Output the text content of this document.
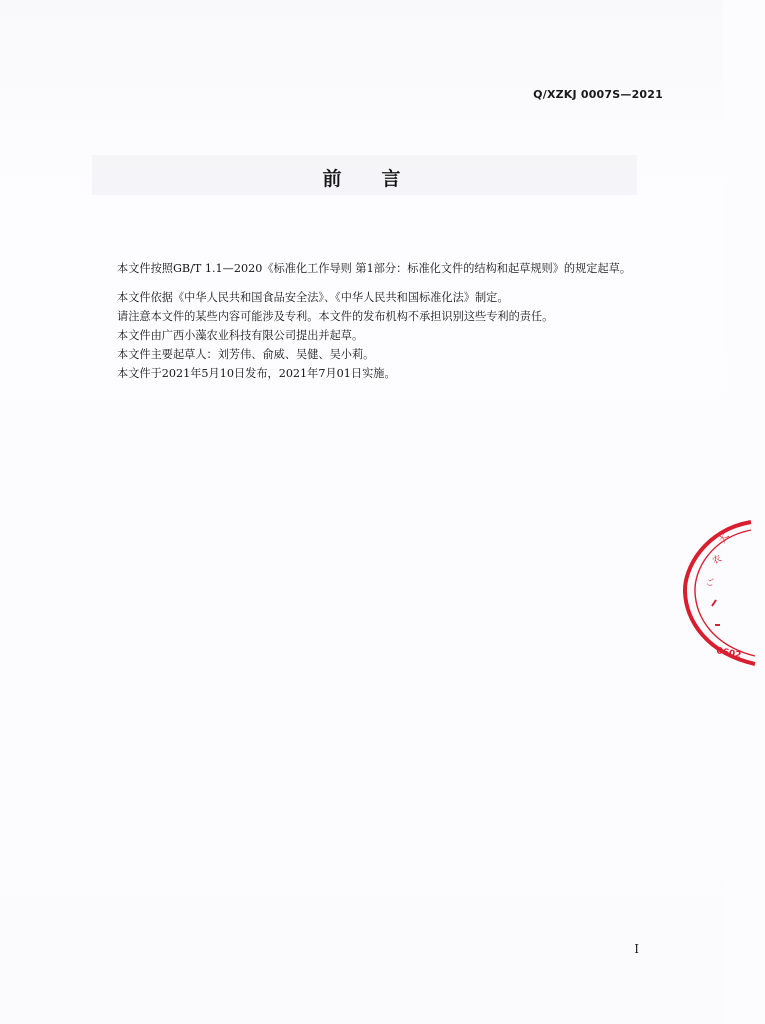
Q/XZKJ 0007S—2021
前 言

本文件按照GB/T 1.1—2020《标准化工作导则 第1部分：标准化文件的结构和起草规则》的规定起草。

本文件依据《中华人民共和国食品安全法》、《中华人民共和国标准化法》制定。

请注意本文件的某些内容可能涉及专利。本文件的发布机构不承担识别这些专利的责任。

本文件由广西小藻农业科技有限公司提出并起草。

本文件主要起草人：刘芳伟、俞威、吴健、吴小莉。

本文件于2021年5月10日发布，2021年7月01日实施。

I
大
农
ご
0602
